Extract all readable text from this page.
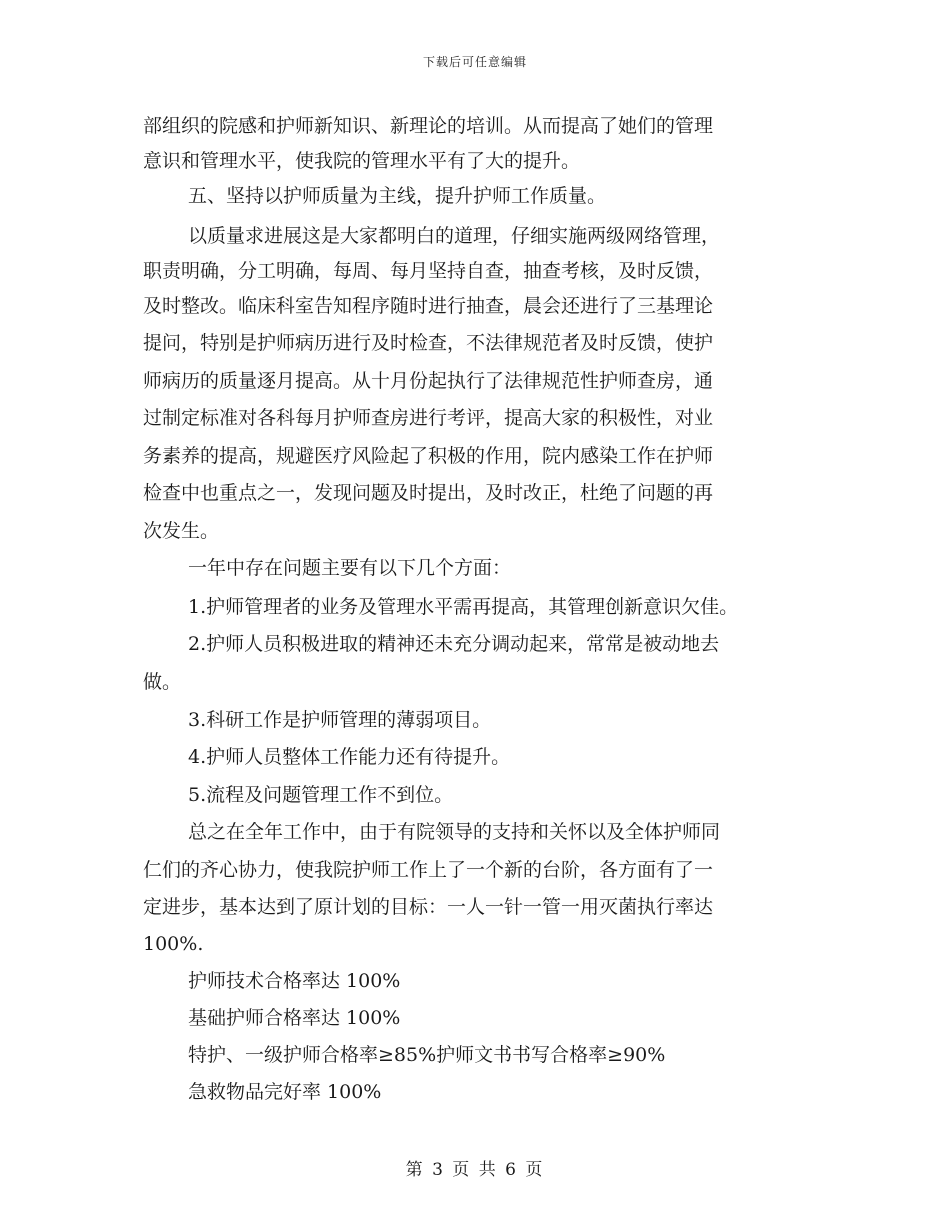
下载后可任意编辑
部组织的院感和护师新知识、新理论的培训。从而提高了她们的管理
意识和管理水平，使我院的管理水平有了大的提升。
五、坚持以护师质量为主线，提升护师工作质量。
以质量求进展这是大家都明白的道理，仔细实施两级网络管理，
职责明确，分工明确，每周、每月坚持自查，抽查考核，及时反馈，
及时整改。临床科室告知程序随时进行抽查，晨会还进行了三基理论
提问，特别是护师病历进行及时检查，不法律规范者及时反馈，使护
师病历的质量逐月提高。从十月份起执行了法律规范性护师查房，通
过制定标准对各科每月护师查房进行考评，提高大家的积极性，对业
务素养的提高，规避医疗风险起了积极的作用，院内感染工作在护师
检查中也重点之一，发现问题及时提出，及时改正，杜绝了问题的再
次发生。
一年中存在问题主要有以下几个方面：
1.护师管理者的业务及管理水平需再提高，其管理创新意识欠佳。
2.护师人员积极进取的精神还未充分调动起来，常常是被动地去
做。
3.科研工作是护师管理的薄弱项目。
4.护师人员整体工作能力还有待提升。
5.流程及问题管理工作不到位。
总之在全年工作中，由于有院领导的支持和关怀以及全体护师同
仁们的齐心协力，使我院护师工作上了一个新的台阶，各方面有了一
定进步，基本达到了原计划的目标：一人一针一管一用灭菌执行率达
100%.
护师技术合格率达 100%
基础护师合格率达 100%
特护、一级护师合格率≥85%护师文书书写合格率≥90%
急救物品完好率 100%
第 3 页 共 6 页
